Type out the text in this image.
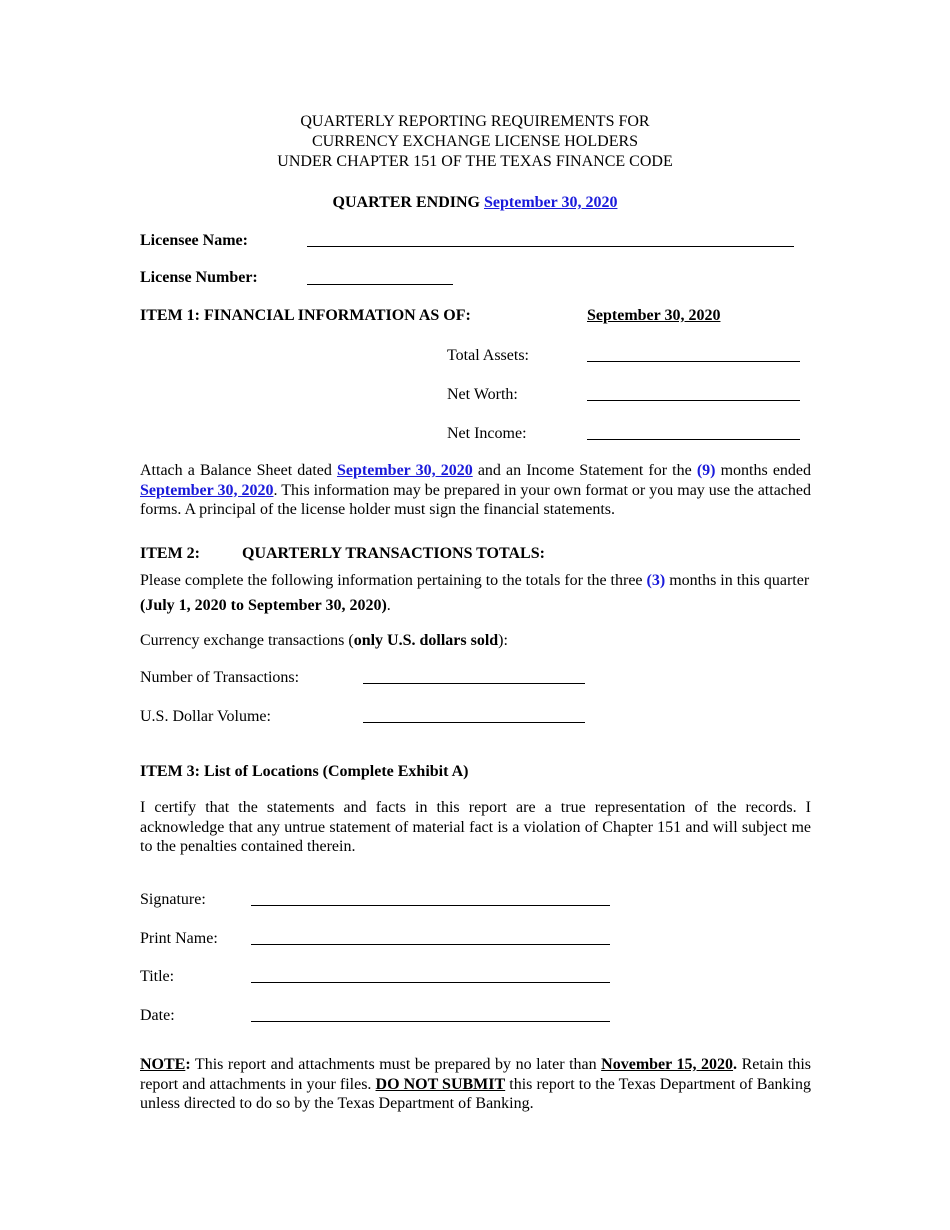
QUARTERLY REPORTING REQUIREMENTS FOR
CURRENCY EXCHANGE LICENSE HOLDERS
UNDER CHAPTER 151 OF THE TEXAS FINANCE CODE
QUARTER ENDING September 30, 2020
Licensee Name:
License Number:
ITEM 1: FINANCIAL INFORMATION AS OF:	September 30, 2020
Total Assets:
Net Worth:
Net Income:
Attach a Balance Sheet dated September 30, 2020 and an Income Statement for the (9) months ended September 30, 2020. This information may be prepared in your own format or you may use the attached forms. A principal of the license holder must sign the financial statements.
ITEM 2:	QUARTERLY TRANSACTIONS TOTALS:
Please complete the following information pertaining to the totals for the three (3) months in this quarter (July 1, 2020 to September 30, 2020).
Currency exchange transactions (only U.S. dollars sold):
Number of Transactions:
U.S. Dollar Volume:
ITEM 3: List of Locations (Complete Exhibit A)
I certify that the statements and facts in this report are a true representation of the records. I acknowledge that any untrue statement of material fact is a violation of Chapter 151 and will subject me to the penalties contained therein.
Signature:
Print Name:
Title:
Date:
NOTE: This report and attachments must be prepared by no later than November 15, 2020. Retain this report and attachments in your files. DO NOT SUBMIT this report to the Texas Department of Banking unless directed to do so by the Texas Department of Banking.
